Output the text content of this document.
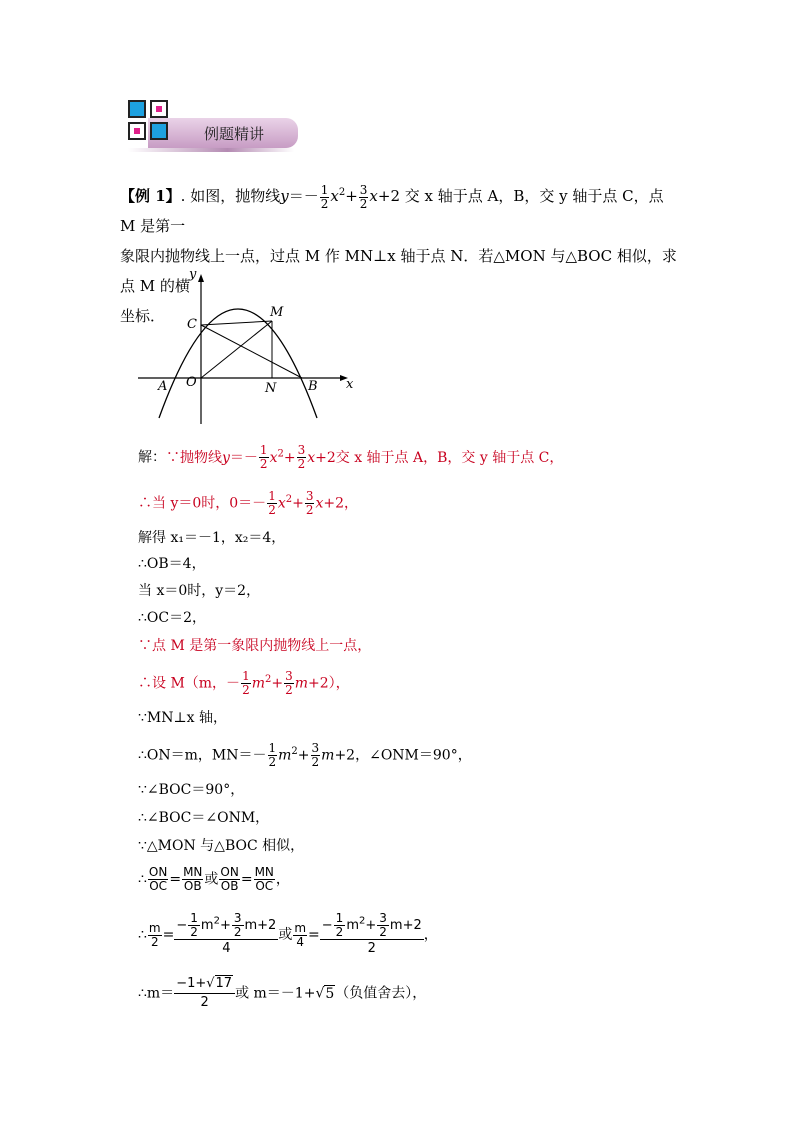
例题精讲
【例 1】. 如图，抛物线$y=- \frac{1}{2} x^2+ \frac{3}{2} x+2$ 交 x 轴于点 A，B，交 y 轴于点 C，点 M 是第一
象限内抛物线上一点，过点 M 作 MN⊥x 轴于点 N．若△MON 与△BOC 相似，求点 M 的横
坐标．
y
x
C
M
A O	N B
解：∵抛物线$y=- \frac{1}{2} x^2+ \frac{3}{2} x+2$交 x 轴于点 A，B，交 y 轴于点 C，
∴当 y＝0时，$0=- \frac{1}{2} x^2+ \frac{3}{2} x+2$，
解得 x₁＝－1，x₂＝4，
∴OB＝4，
当 x＝0时，y＝2，
∴OC＝2，
∵点 M 是第一象限内抛物线上一点，
∴设 M（m，－ $\frac{1}{2} m^2+ \frac{3}{2} m+2$），
∵MN⊥x 轴，
∴ON＝m，$MN=- \frac{1}{2} m^2+ \frac{3}{2} m+2$，∠ONM＝90°，
∵∠BOC＝90°，
∴∠BOC＝∠ONM，
∵△MON 与△BOC 相似，
∴ $\frac{ON}{OC} = \frac{MN}{OB}$ 或 $\frac{ON}{OB} = \frac{MN}{OC}$ ，
∴ $\frac{m}{2} = \frac{- \frac{1}{2} m^2+ \frac{3}{2} m+2}{4}$ 或 $\frac{m}{4} = \frac{- \frac{1}{2} m^2+ \frac{3}{2} m+2}{2}$ ，
∴m＝ $\frac{-1+√17}{2}$ 或 m＝－1+√5（负值舍去），
